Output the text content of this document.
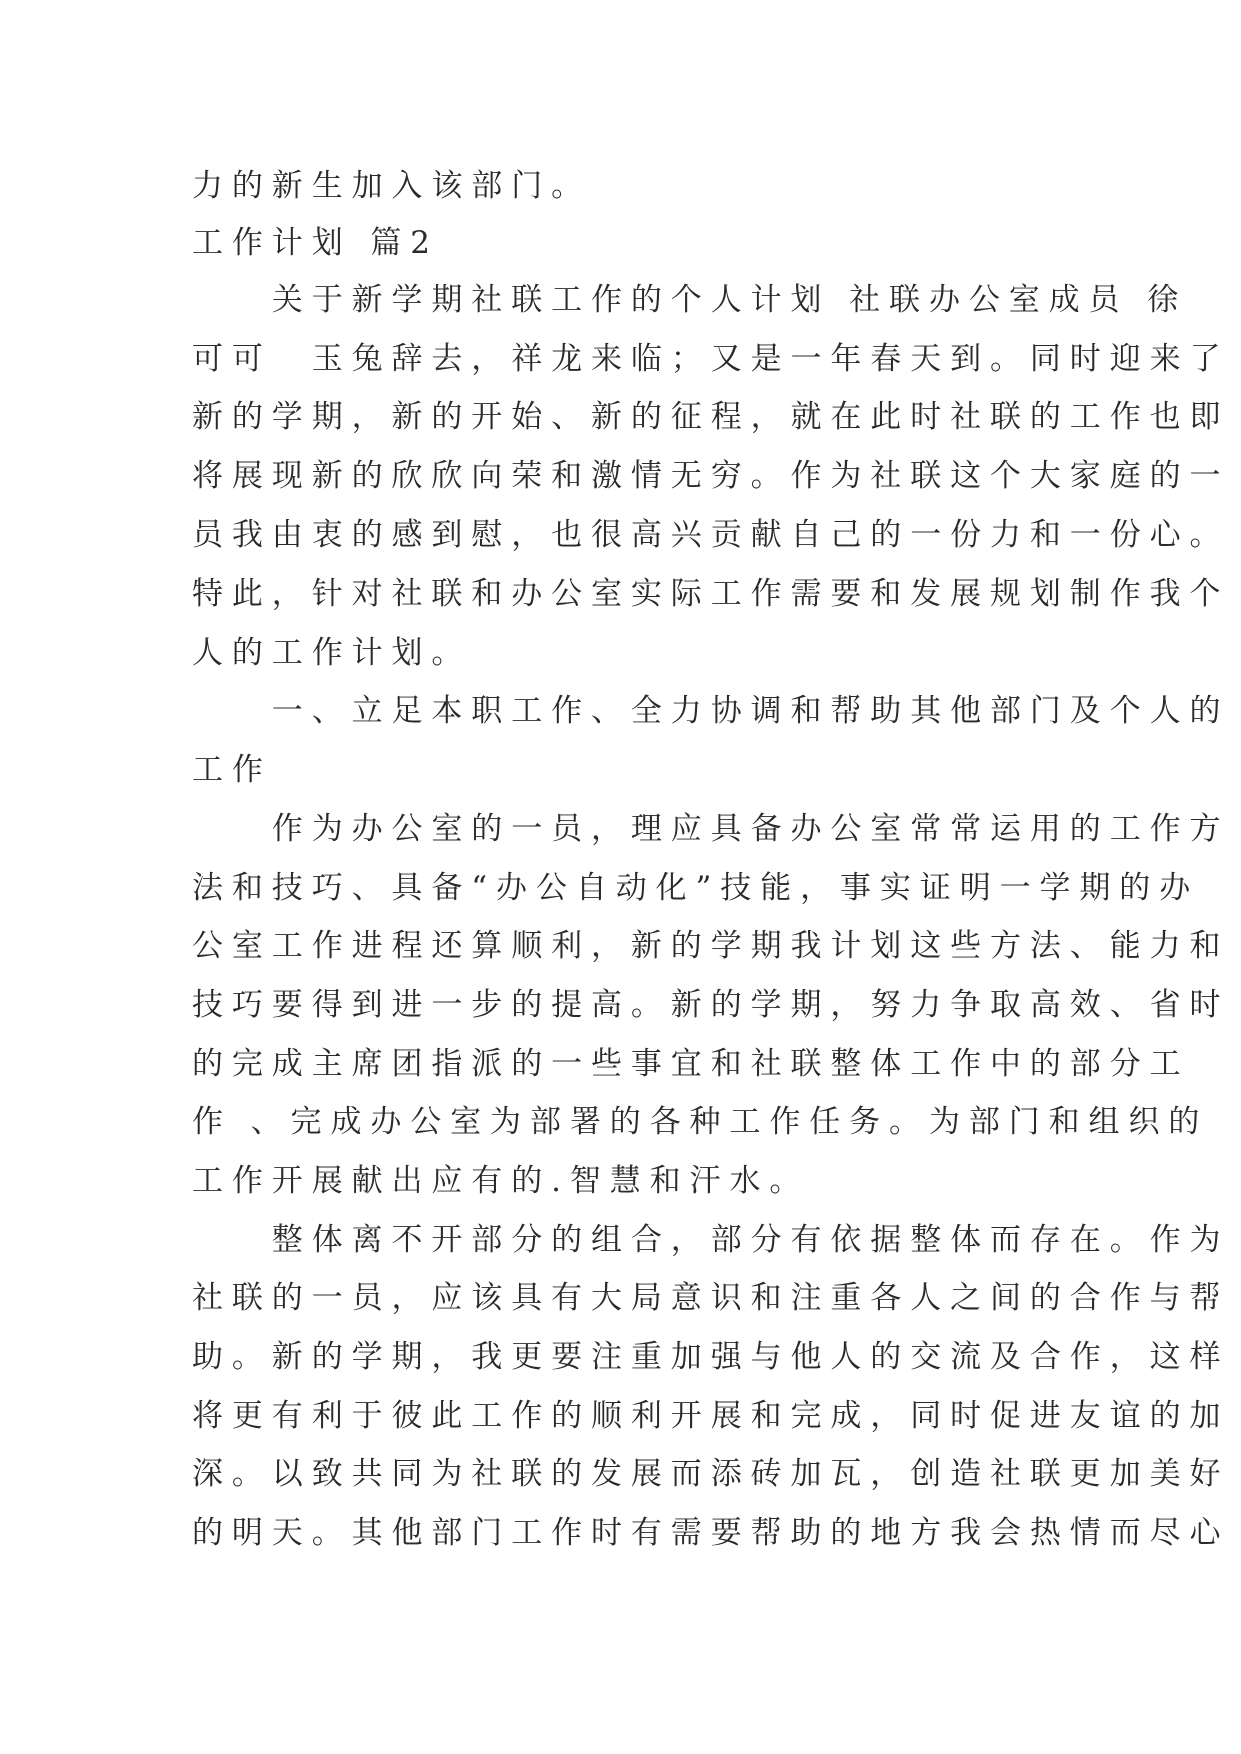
力的新生加入该部门。
工作计划 篇2
　　关于新学期社联工作的个人计划 社联办公室成员 徐
可可　玉兔辞去，祥龙来临；又是一年春天到。同时迎来了
新的学期，新的开始、新的征程，就在此时社联的工作也即
将展现新的欣欣向荣和激情无穷。作为社联这个大家庭的一
员我由衷的感到慰，也很高兴贡献自己的一份力和一份心。
特此，针对社联和办公室实际工作需要和发展规划制作我个
人的工作计划。
　　一、立足本职工作、全力协调和帮助其他部门及个人的
工作
　　作为办公室的一员，理应具备办公室常常运用的工作方
法和技巧、具备“办公自动化”技能，事实证明一学期的办
公室工作进程还算顺利，新的学期我计划这些方法、能力和
技巧要得到进一步的提高。新的学期，努力争取高效、省时
的完成主席团指派的一些事宜和社联整体工作中的部分工
作 、完成办公室为部署的各种工作任务。为部门和组织的
工作开展献出应有的.智慧和汗水。
　　整体离不开部分的组合，部分有依据整体而存在。作为
社联的一员，应该具有大局意识和注重各人之间的合作与帮
助。新的学期，我更要注重加强与他人的交流及合作，这样
将更有利于彼此工作的顺利开展和完成，同时促进友谊的加
深。以致共同为社联的发展而添砖加瓦，创造社联更加美好
的明天。其他部门工作时有需要帮助的地方我会热情而尽心
